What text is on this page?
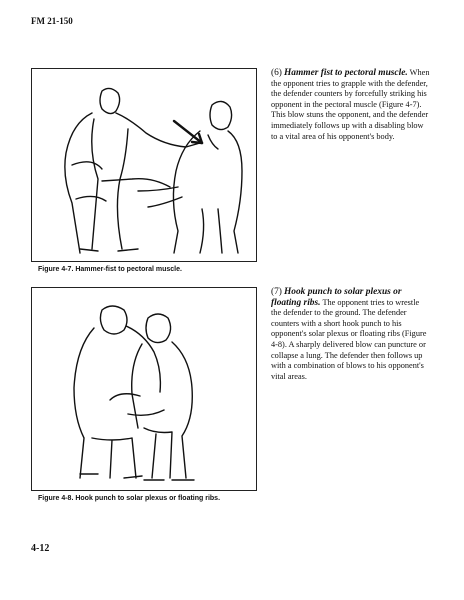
FM 21-150
Figure 4-7. Hammer-fist to pectoral muscle.
(6) Hammer fist to pectoral muscle. When the opponent tries to grapple with the defender, the defender counters by forcefully striking his opponent in the pectoral muscle (Figure 4-7). This blow stuns the opponent, and the defender immediately follows up with a disabling blow to a vital area of his opponent's body.
Figure 4-8. Hook punch to solar plexus or floating ribs.
(7) Hook punch to solar plexus or floating ribs. The opponent tries to wrestle the defender to the ground. The defender counters with a short hook punch to his opponent's solar plexus or floating ribs (Figure 4-8). A sharply delivered blow can puncture or collapse a lung. The defender then follows up with a combination of blows to his opponent's vital areas.
4-12
